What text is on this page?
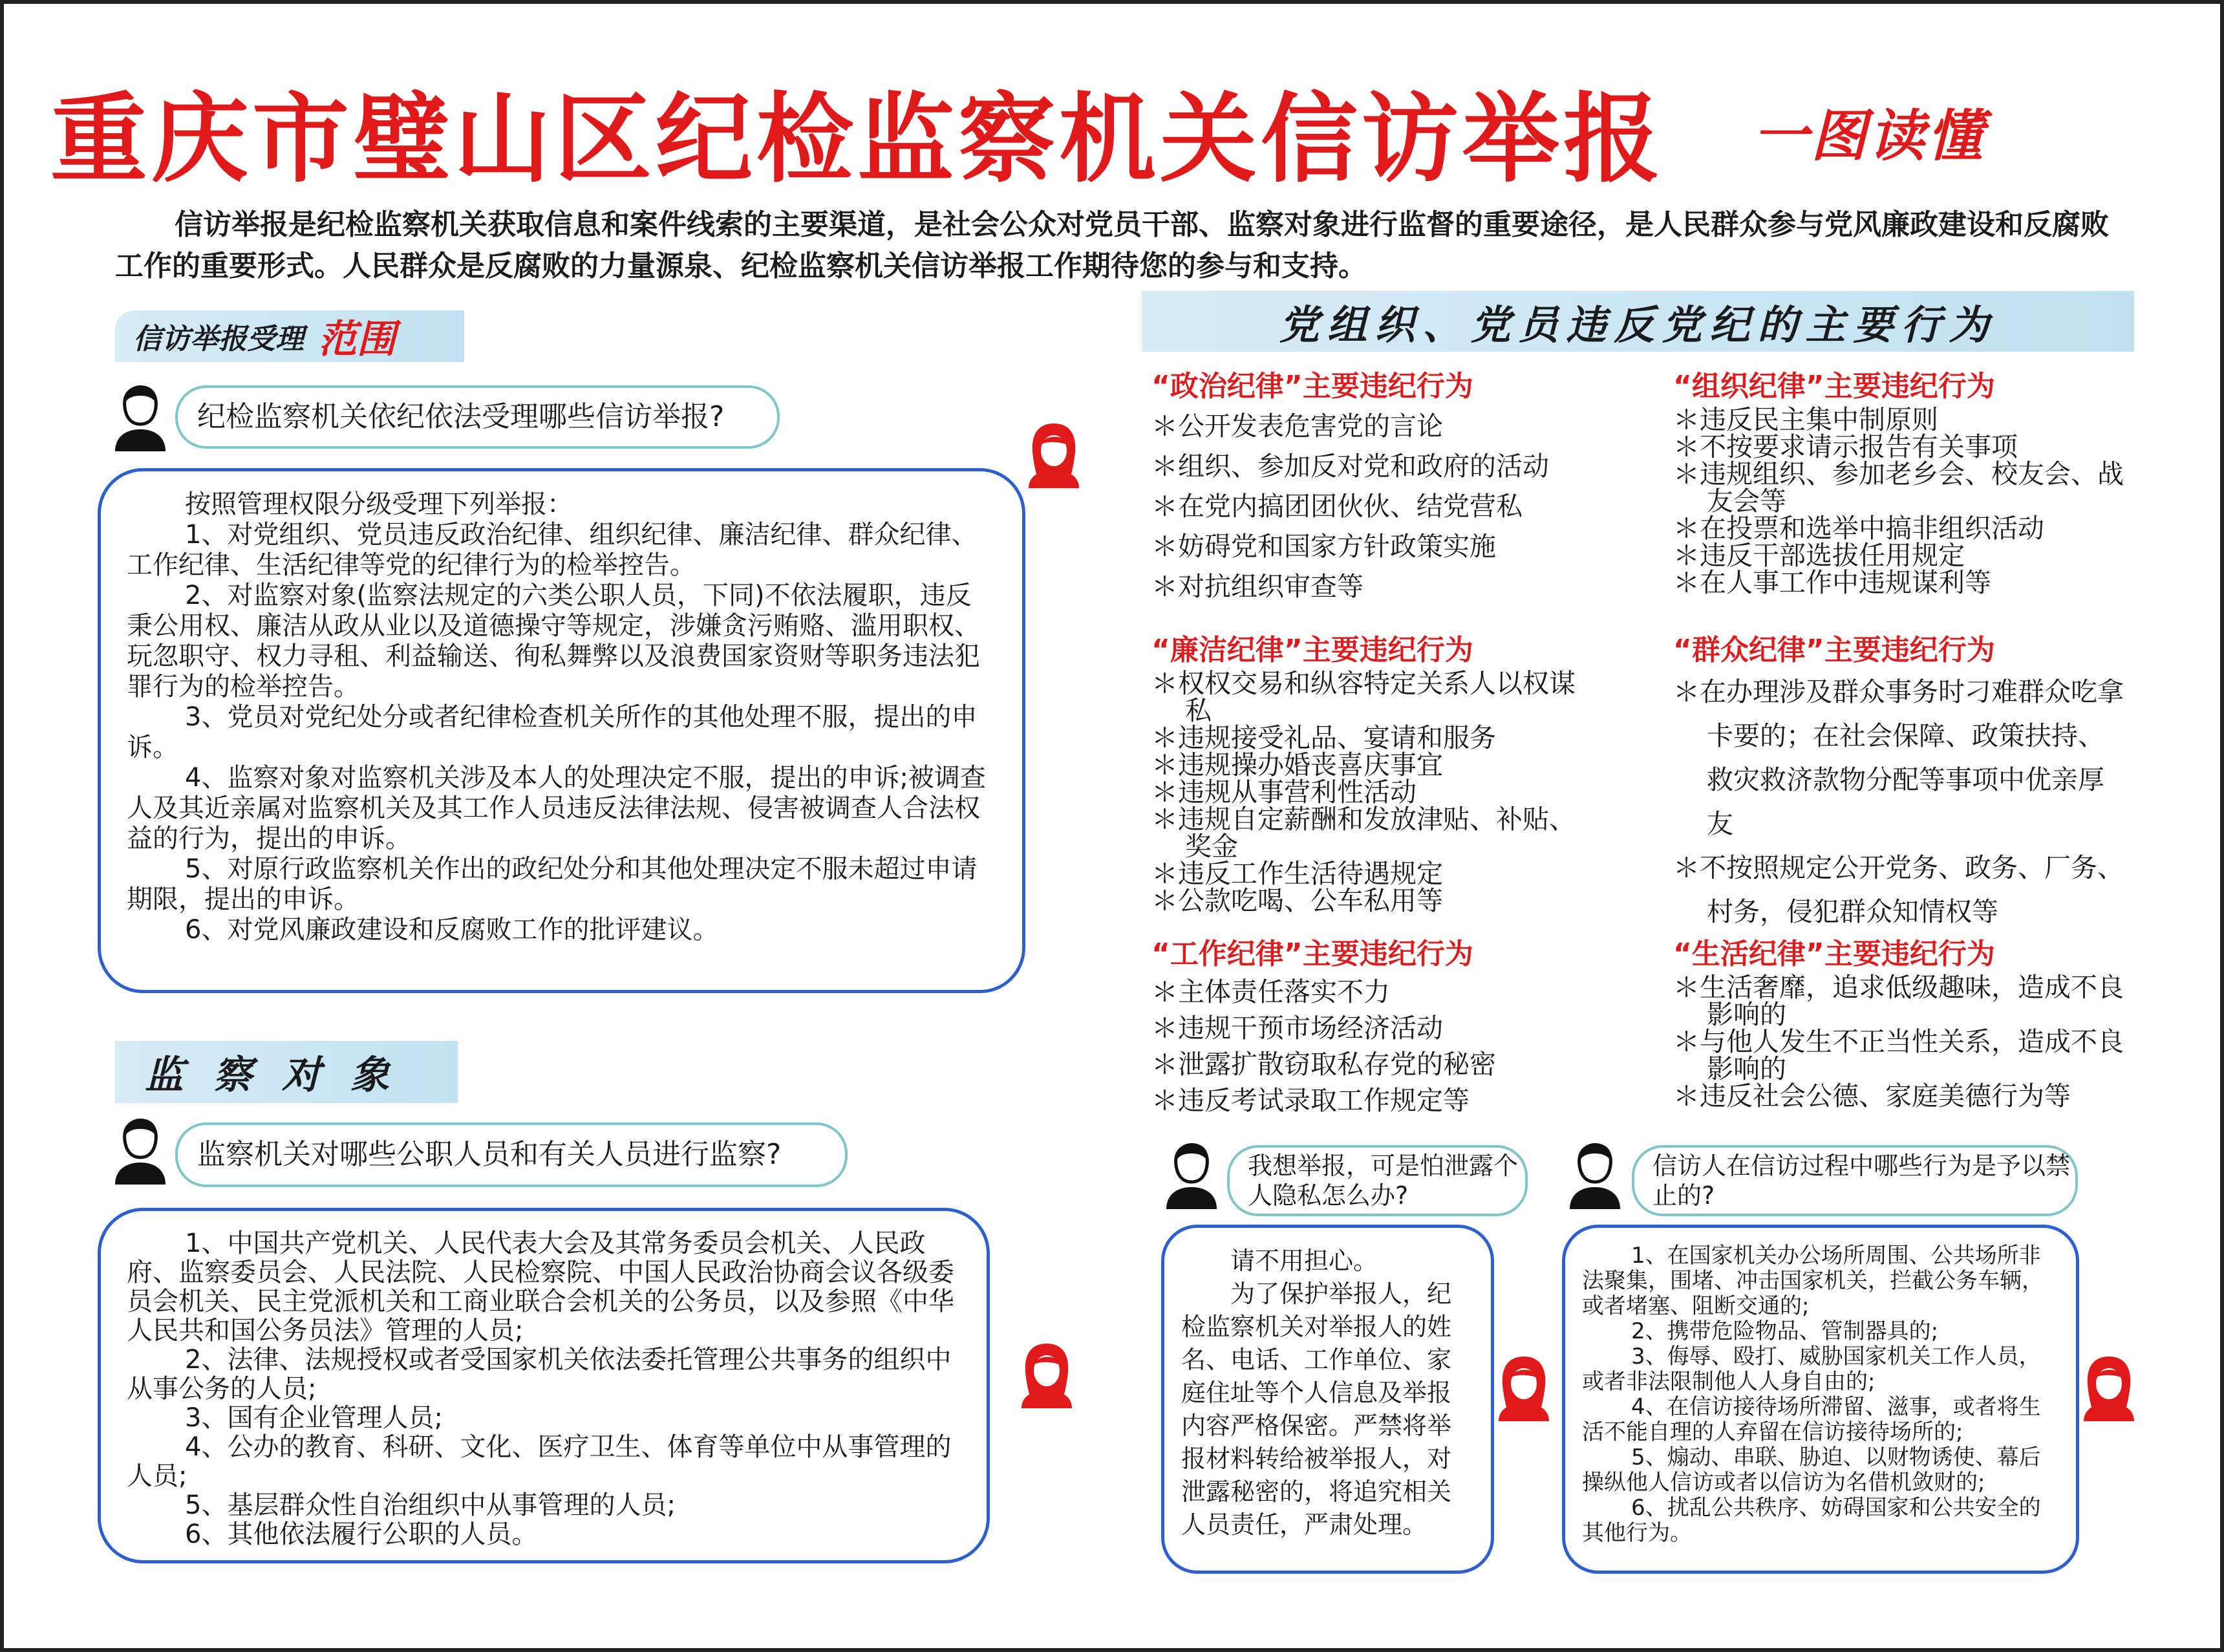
重庆市璧山区纪检监察机关信访举报	一图读懂
信访举报是纪检监察机关获取信息和案件线索的主要渠道，是社会公众对党员干部、监察对象进行监督的重要途径，是人民群众参与党风廉政建设和反腐败工作的重要形式。人民群众是反腐败的力量源泉、纪检监察机关信访举报工作期待您的参与和支持。
信访举报受理 范围
纪检监察机关依纪依法受理哪些信访举报?

按照管理权限分级受理下列举报：

1、对党组织、党员违反政治纪律、组织纪律、廉洁纪律、群众纪律、工作纪律、生活纪律等党的纪律行为的检举控告。

2、对监察对象(监察法规定的六类公职人员，下同)不依法履职，违反秉公用权、廉洁从政从业以及道德操守等规定，涉嫌贪污贿赂、滥用职权、玩忽职守、权力寻租、利益输送、徇私舞弊以及浪费国家资财等职务违法犯罪行为的检举控告。

3、党员对党纪处分或者纪律检查机关所作的其他处理不服，提出的申诉。

4、监察对象对监察机关涉及本人的处理决定不服，提出的申诉;被调查人及其近亲属对监察机关及其工作人员违反法律法规、侵害被调查人合法权益的行为，提出的申诉。

5、对原行政监察机关作出的政纪处分和其他处理决定不服未超过申请期限，提出的申诉。

6、对党风廉政建设和反腐败工作的批评建议。

监察对象
监察机关对哪些公职人员和有关人员进行监察?

1、中国共产党机关、人民代表大会及其常务委员会机关、人民政府、监察委员会、人民法院、人民检察院、中国人民政治协商会议各级委员会机关、民主党派机关和工商业联合会机关的公务员，以及参照《中华人民共和国公务员法》管理的人员;

2、法律、法规授权或者受国家机关依法委托管理公共事务的组织中从事公务的人员;

3、国有企业管理人员;

4、公办的教育、科研、文化、医疗卫生、体育等单位中从事管理的人员;

5、基层群众性自治组织中从事管理的人员;

6、其他依法履行公职的人员。

党组织、党员违反党纪的主要行为
“政治纪律”主要违纪行为
＊公开发表危害党的言论
＊组织、参加反对党和政府的活动
＊在党内搞团团伙伙、结党营私
＊妨碍党和国家方针政策实施
＊对抗组织审查等
“组织纪律”主要违纪行为
＊违反民主集中制原则
＊不按要求请示报告有关事项
＊违规组织、参加老乡会、校友会、战友会等
＊在投票和选举中搞非组织活动
＊违反干部选拔任用规定
＊在人事工作中违规谋利等
“廉洁纪律”主要违纪行为
＊权权交易和纵容特定关系人以权谋私
＊违规接受礼品、宴请和服务
＊违规操办婚丧喜庆事宜
＊违规从事营利性活动
＊违规自定薪酬和发放津贴、补贴、奖金
＊违反工作生活待遇规定
＊公款吃喝、公车私用等
“群众纪律”主要违纪行为
＊在办理涉及群众事务时刁难群众吃拿卡要的；在社会保障、政策扶持、救灾救济款物分配等事项中优亲厚友
＊不按照规定公开党务、政务、厂务、村务，侵犯群众知情权等
“工作纪律”主要违纪行为
＊主体责任落实不力
＊违规干预市场经济活动
＊泄露扩散窃取私存党的秘密
＊违反考试录取工作规定等
“生活纪律”主要违纪行为
＊生活奢靡，追求低级趣味，造成不良影响的
＊与他人发生不正当性关系，造成不良影响的
＊违反社会公德、家庭美德行为等
我想举报，可是怕泄露个人隐私怎么办?

请不用担心。

为了保护举报人，纪检监察机关对举报人的姓名、电话、工作单位、家庭住址等个人信息及举报内容严格保密。严禁将举报材料转给被举报人，对泄露秘密的，将追究相关人员责任，严肃处理。

信访人在信访过程中哪些行为是予以禁止的?

1、在国家机关办公场所周围、公共场所非法聚集，围堵、冲击国家机关，拦截公务车辆，或者堵塞、阻断交通的;

2、携带危险物品、管制器具的;

3、侮辱、殴打、威胁国家机关工作人员，或者非法限制他人人身自由的;

4、在信访接待场所滞留、滋事，或者将生活不能自理的人弃留在信访接待场所的;

5、煽动、串联、胁迫、以财物诱使、幕后操纵他人信访或者以信访为名借机敛财的;

6、扰乱公共秩序、妨碍国家和公共安全的其他行为。
